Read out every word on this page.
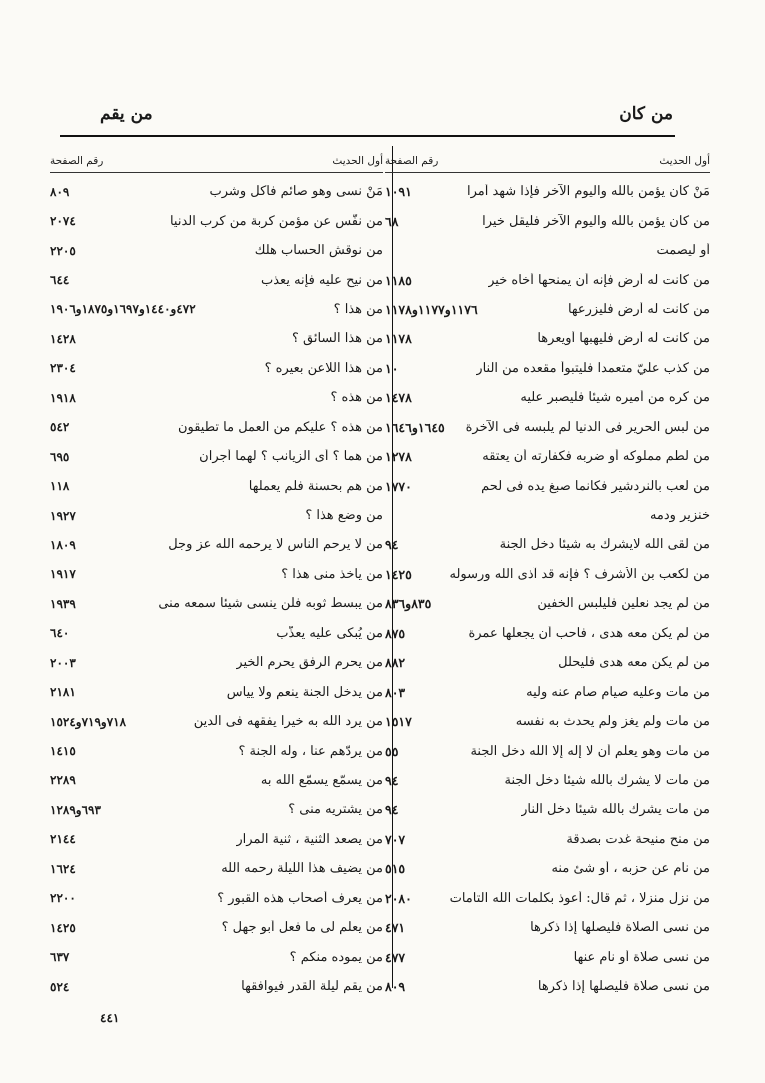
من كان
من يقم
أول الحديث
رقم الصفحة
مَنْ كان يؤمن بالله واليوم الآخر فإذا شهد أمرا
١٠٩١
من كان يؤمن بالله واليوم الآخر فليقل خيرا
٦٨
أو ليصمت
من كانت له أرض فإنه أن يمنحها أخاه خير
١١٨٥
من كانت له أرض فليزرعها
١١٧٦و١١٧٧و١١٧٨
من كانت له أرض فليهبها أويعرها
١١٧٨
من كذب عليّ متعمدا فليتبوأ مقعده من النار
١٠
من كره من أميره شيئا فليصبر عليه
١٤٧٨
من لبس الحرير فى الدنيا لم يلبسه فى الآخرة
١٦٤٥و١٦٤٦
من لطم مملوكه أو ضربه فكفارته أن يعتقه
١٢٧٨
من لعب بالنردشير فكأنما صبغ يده فى لحم
١٧٧٠
خنزير ودمه
من لقى الله لايشرك به شيئا دخل الجنة
٩٤
من لكعب بن الأشرف ؟ فإنه قد آذى الله ورسوله
١٤٢٥
من لم يجد نعلين فليلبس الخفين
٨٣٥و٨٣٦
من لم يكن معه هدى ، فأحب أن يجعلها عمرة
٨٧٥
من لم يكن معه هدى فليحلل
٨٨٢
من مات وعليه صيام صام عنه وليه
٨٠٣
من مات ولم يغز ولم يحدث به نفسه
١٥١٧
من مات وهو يعلم أن لا إله إلا الله دخل الجنة
٥٥
من مات لا يشرك بالله شيئا دخل الجنة
٩٤
من مات يشرك بالله شيئا دخل النار
٩٤
من منح منيحة غدت بصدقة
٧٠٧
من نام عن حزبه ، أو شئ منه
٥١٥
من نزل منزلا ، ثم قال: أعوذ بكلمات الله التامات
٢٠٨٠
من نسى الصلاة فليصلها إذا ذكرها
٤٧١
من نسى صلاة أو نام عنها
٤٧٧
من نسى صلاة فليصلها إذا ذكرها
٨٠٩
أول الحديث
رقم الصفحة
مَنْ نسى وهو صائم فأكل وشرب
٨٠٩
من نفّس عن مؤمن كربة من كرب الدنيا
٢٠٧٤
من نوقش الحساب هلك
٢٢٠٥
من نيح عليه فإنه يعذب
٦٤٤
من هذا ؟
٤٧٢و١٤٤٠و١٦٩٧و١٨٧٥و١٩٠٦
من هذا السائق ؟
١٤٢٨
من هذا اللاعن بعيره ؟
٢٣٠٤
من هذه ؟
١٩١٨
من هذه ؟ عليكم من العمل ما تطيقون
٥٤٢
من هما ؟ أى الزيانب ؟ لهما أجران
٦٩٥
من هم بحسنة فلم يعملها
١١٨
من وضع هذا ؟
١٩٢٧
من لا يرحم الناس لا يرحمه الله عز وجل
١٨٠٩
من يأخذ منى هذا ؟
١٩١٧
من يبسط ثوبه فلن ينسى شيئا سمعه منى
١٩٣٩
من يُبكى عليه يعذَّب
٦٤٠
من يحرم الرفق يحرم الخير
٢٠٠٣
من يدخل الجنة ينعم ولا ييأس
٢١٨١
من يرد الله به خيرا يفقهه فى الدين
٧١٨و٧١٩و١٥٢٤
من يردّهم عنا ، وله الجنة ؟
١٤١٥
من يسمّع يسمّع الله به
٢٢٨٩
من يشتريه منى ؟
٦٩٣و١٢٨٩
من يصعد الثنية ، ثنية المرار
٢١٤٤
من يضيف هذا الليلة رحمه الله
١٦٢٤
من يعرف أصحاب هذه القبور ؟
٢٢٠٠
من يعلم لى ما فعل أبو جهل ؟
١٤٢٥
من يموده منكم ؟
٦٣٧
من يقم ليلة القدر فيوافقها
٥٢٤
٤٤١
